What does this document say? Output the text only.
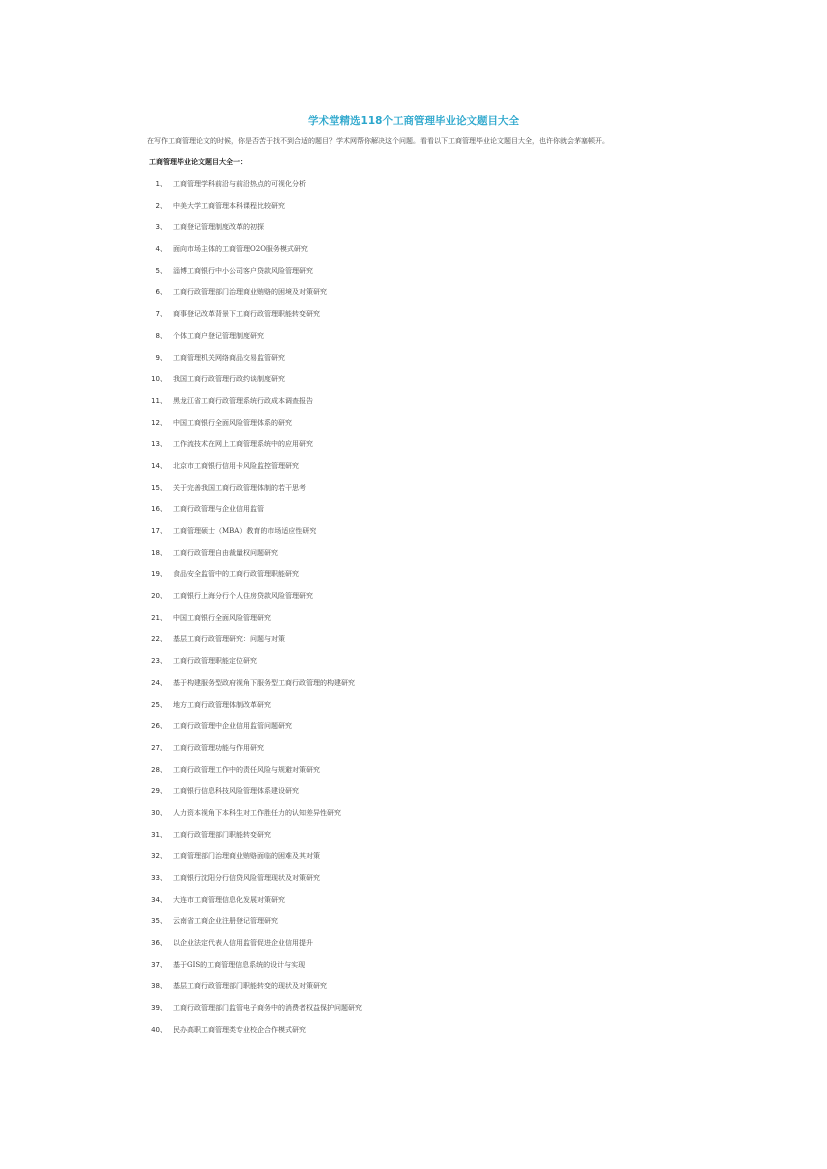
学术堂精选118个工商管理毕业论文题目大全
在写作工商管理论文的时候，你是否苦于找不到合适的题目？学术网帮你解决这个问题。看看以下工商管理毕业论文题目大全，也许你就会茅塞顿开。
工商管理毕业论文题目大全一：
1 、 工商管理学科前沿与前沿热点的可视化分析
2 、 中美大学工商管理本科课程比较研究
3 、 工商登记管理制度改革的初探
4 、 面向市场主体的工商管理O2O服务模式研究
5 、 淄博工商银行中小公司客户贷款风险管理研究
6 、 工商行政管理部门治理商业贿赂的困境及对策研究
7 、 商事登记改革背景下工商行政管理职能转变研究
8 、 个体工商户登记管理制度研究
9 、 工商管理机关网络商品交易监管研究
10 、 我国工商行政管理行政约谈制度研究
11 、 黑龙江省工商行政管理系统行政成本调查报告
12 、 中国工商银行全面风险管理体系的研究
13 、 工作流技术在网上工商管理系统中的应用研究
14 、 北京市工商银行信用卡风险监控管理研究
15 、 关于完善我国工商行政管理体制的若干思考
16 、 工商行政管理与企业信用监管
17 、 工商管理硕士（MBA）教育的市场适应性研究
18 、 工商行政管理自由裁量权问题研究
19 、 食品安全监管中的工商行政管理职能研究
20 、 工商银行上海分行个人住房贷款风险管理研究
21 、 中国工商银行全面风险管理研究
22 、 基层工商行政管理研究：问题与对策
23 、 工商行政管理职能定位研究
24 、 基于构建服务型政府视角下服务型工商行政管理的构建研究
25 、 地方工商行政管理体制改革研究
26 、 工商行政管理中企业信用监管问题研究
27 、 工商行政管理功能与作用研究
28 、 工商行政管理工作中的责任风险与规避对策研究
29 、 工商银行信息科技风险管理体系建设研究
30 、 人力资本视角下本科生对工作胜任力的认知差异性研究
31 、 工商行政管理部门职能转变研究
32 、 工商管理部门治理商业贿赂面临的困难及其对策
33 、 工商银行沈阳分行信贷风险管理现状及对策研究
34 、 大连市工商管理信息化发展对策研究
35 、 云南省工商企业注册登记管理研究
36 、 以企业法定代表人信用监管促进企业信用提升
37 、 基于GIS的工商管理信息系统的设计与实现
38 、 基层工商行政管理部门职能转变的现状及对策研究
39 、 工商行政管理部门监管电子商务中的消费者权益保护问题研究
40 、 民办高职工商管理类专业校企合作模式研究
